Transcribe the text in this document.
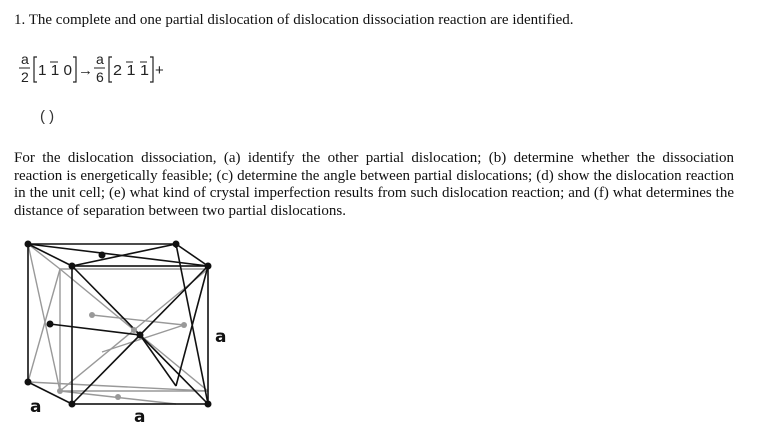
1. The complete and one partial dislocation of dislocation dissociation reaction are identified.
a
2 1 1 0 →
a
6 2 1 1 +
( )
For the dislocation dissociation, (a) identify the other partial dislocation; (b) determine whether the dissociation reaction is energetically feasible; (c) determine the angle between partial dislocations; (d) show the dislocation reaction in the unit cell; (e) what kind of crystal imperfection results from such dislocation reaction; and (f) what determines the distance of separation between two partial dislocations.
a
a	a
